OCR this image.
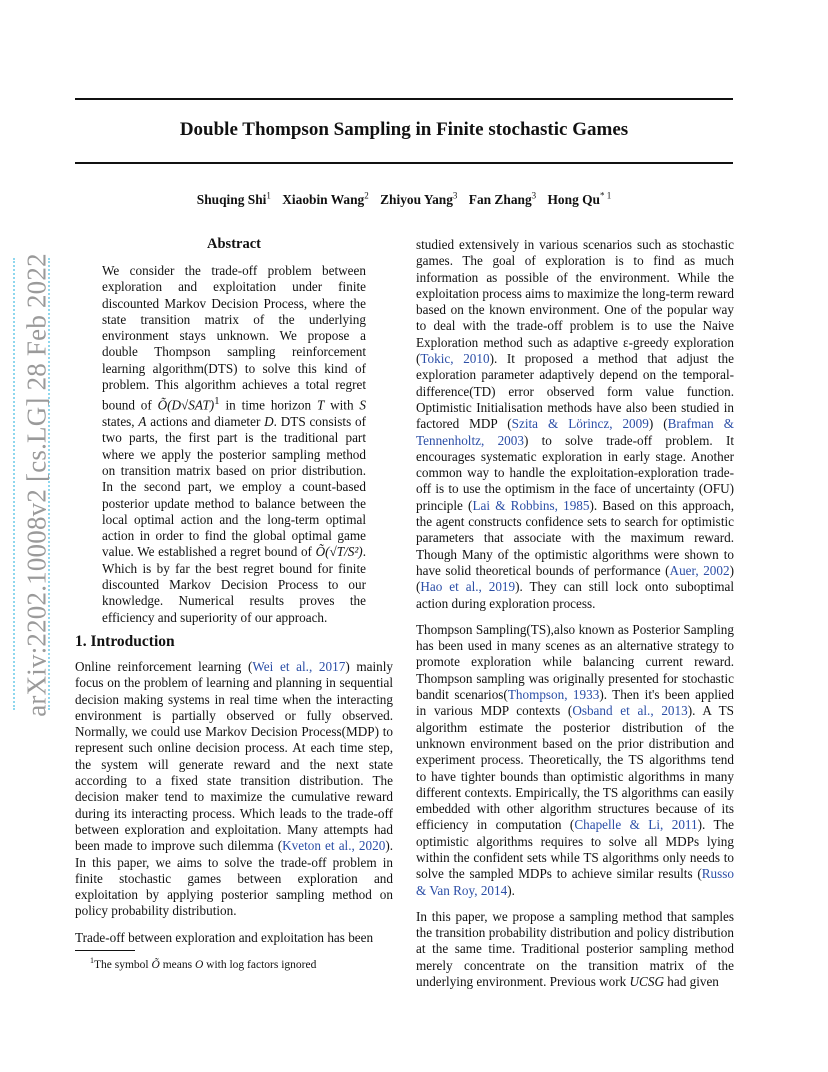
Double Thompson Sampling in Finite stochastic Games
Shuqing Shi$^1$ Xiaobin Wang$^2$ Zhiyou Yang$^3$ Fan Zhang$^3$ Hong Qu$^{* 1}$
arXiv:2202.10008v2 [cs.LG] 28 Feb 2022
Abstract

We consider the trade-off problem between exploration and exploitation under finite discounted Markov Decision Process, where the state transition matrix of the underlying environment stays unknown. We propose a double Thompson sampling reinforcement learning algorithm(DTS) to solve this kind of problem. This algorithm achieves a total regret bound of $Õ(D√SAT)^1$ in time horizon T with S states, A actions and diameter D. DTS consists of two parts, the first part is the traditional part where we apply the posterior sampling method on transition matrix based on prior distribution. In the second part, we employ a count-based posterior update method to balance between the local optimal action and the long-term optimal action in order to find the global optimal game value. We established a regret bound of Õ(√T/S²). Which is by far the best regret bound for finite discounted Markov Decision Process to our knowledge. Numerical results proves the efficiency and superiority of our approach.

1. Introduction

Online reinforcement learning (Wei et al., 2017) mainly focus on the problem of learning and planning in sequential decision making systems in real time when the interacting environment is partially observed or fully observed. Normally, we could use Markov Decision Process(MDP) to represent such online decision process. At each time step, the system will generate reward and the next state according to a fixed state transition distribution. The decision maker tend to maximize the cumulative reward during its interacting process. Which leads to the trade-off between exploration and exploitation. Many attempts had been made to improve such dilemma (Kveton et al., 2020). In this paper, we aims to solve the trade-off problem in finite stochastic games between exploration and exploitation by applying posterior sampling method on policy probability distribution.

Trade-off between exploration and exploitation has been

studied extensively in various scenarios such as stochastic games. The goal of exploration is to find as much information as possible of the environment. While the exploitation process aims to maximize the long-term reward based on the known environment. One of the popular way to deal with the trade-off problem is to use the Naive Exploration method such as adaptive ε-greedy exploration (Tokic, 2010). It proposed a method that adjust the exploration parameter adaptively depend on the temporal-difference(TD) error observed form value function. Optimistic Initialisation methods have also been studied in factored MDP (Szita & Lörincz, 2009) (Brafman & Tennenholtz, 2003) to solve trade-off problem. It encourages systematic exploration in early stage. Another common way to handle the exploitation-exploration trade-off is to use the optimism in the face of uncertainty (OFU) principle (Lai & Robbins, 1985). Based on this approach, the agent constructs confidence sets to search for optimistic parameters that associate with the maximum reward. Though Many of the optimistic algorithms were shown to have solid theoretical bounds of performance (Auer, 2002) (Hao et al., 2019). They can still lock onto suboptimal action during exploration process.

Thompson Sampling(TS),also known as Posterior Sampling has been used in many scenes as an alternative strategy to promote exploration while balancing current reward. Thompson sampling was originally presented for stochastic bandit scenarios(Thompson, 1933). Then it's been applied in various MDP contexts (Osband et al., 2013). A TS algorithm estimate the posterior distribution of the unknown environment based on the prior distribution and experiment process. Theoretically, the TS algorithms tend to have tighter bounds than optimistic algorithms in many different contexts. Empirically, the TS algorithms can easily embedded with other algorithm structures because of its efficiency in computation (Chapelle & Li, 2011). The optimistic algorithms requires to solve all MDPs lying within the confident sets while TS algorithms only needs to solve the sampled MDPs to achieve similar results (Russo & Van Roy, 2014).

In this paper, we propose a sampling method that samples the transition probability distribution and policy distribution at the same time. Traditional posterior sampling method merely concentrate on the transition matrix of the underlying environment. Previous work UCSG had given

$^1$The symbol Õ means O with log factors ignored
